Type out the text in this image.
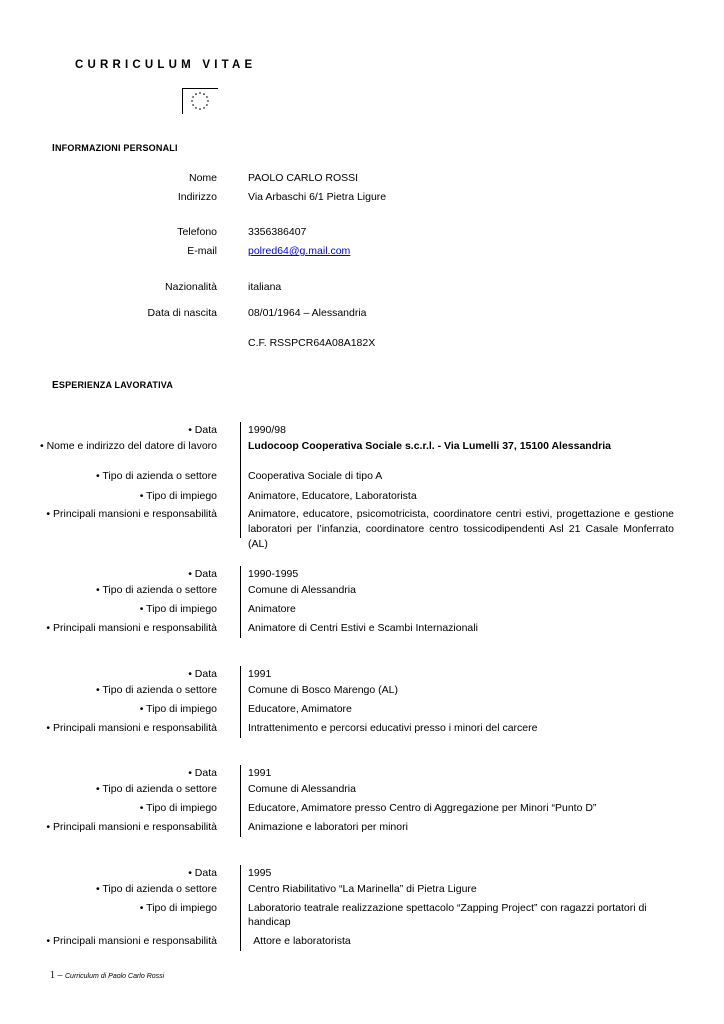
CURRICULUM VITAE
INFORMAZIONI PERSONALI
Nome	PAOLO CARLO ROSSI
Indirizzo	Via Arbaschi 6/1 Pietra Ligure
Telefono	3356386407
E-mail	polred64@g.mail.com
Nazionalità	italiana
Data di nascita	08/01/1964 – Alessandria
C.F. RSSPCR64A08A182X
ESPERIENZA LAVORATIVA
• Data	1990/98
• Nome e indirizzo del datore di lavoro	Ludocoop Cooperativa Sociale s.c.r.l. - Via Lumelli 37, 15100 Alessandria
• Tipo di azienda o settore	Cooperativa Sociale di tipo A
• Tipo di impiego	Animatore, Educatore, Laboratorista
• Principali mansioni e responsabilità	Animatore, educatore, psicomotricista, coordinatore centri estivi, progettazione e gestione laboratori per l’infanzia, coordinatore centro tossicodipendenti Asl 21 Casale Monferrato (AL)
• Data	1990-1995
• Tipo di azienda o settore	Comune di Alessandria
• Tipo di impiego	Animatore
• Principali mansioni e responsabilità	Animatore di Centri Estivi e Scambi Internazionali
• Data	1991
• Tipo di azienda o settore	Comune di Bosco Marengo (AL)
• Tipo di impiego	Educatore, Amimatore
• Principali mansioni e responsabilità	Intrattenimento e percorsi educativi presso i minori del carcere
• Data	1991
• Tipo di azienda o settore	Comune di Alessandria
• Tipo di impiego	Educatore, Amimatore presso Centro di Aggregazione per Minori “Punto D”
• Principali mansioni e responsabilità	Animazione e laboratori per minori
• Data	1995
• Tipo di azienda o settore	Centro Riabilitativo “La Marinella” di Pietra Ligure
• Tipo di impiego	Laboratorio teatrale realizzazione spettacolo “Zapping Project” con ragazzi portatori di handicap
• Principali mansioni e responsabilità	Attore e laboratorista
1 – Curriculum di Paolo Carlo Rossi
